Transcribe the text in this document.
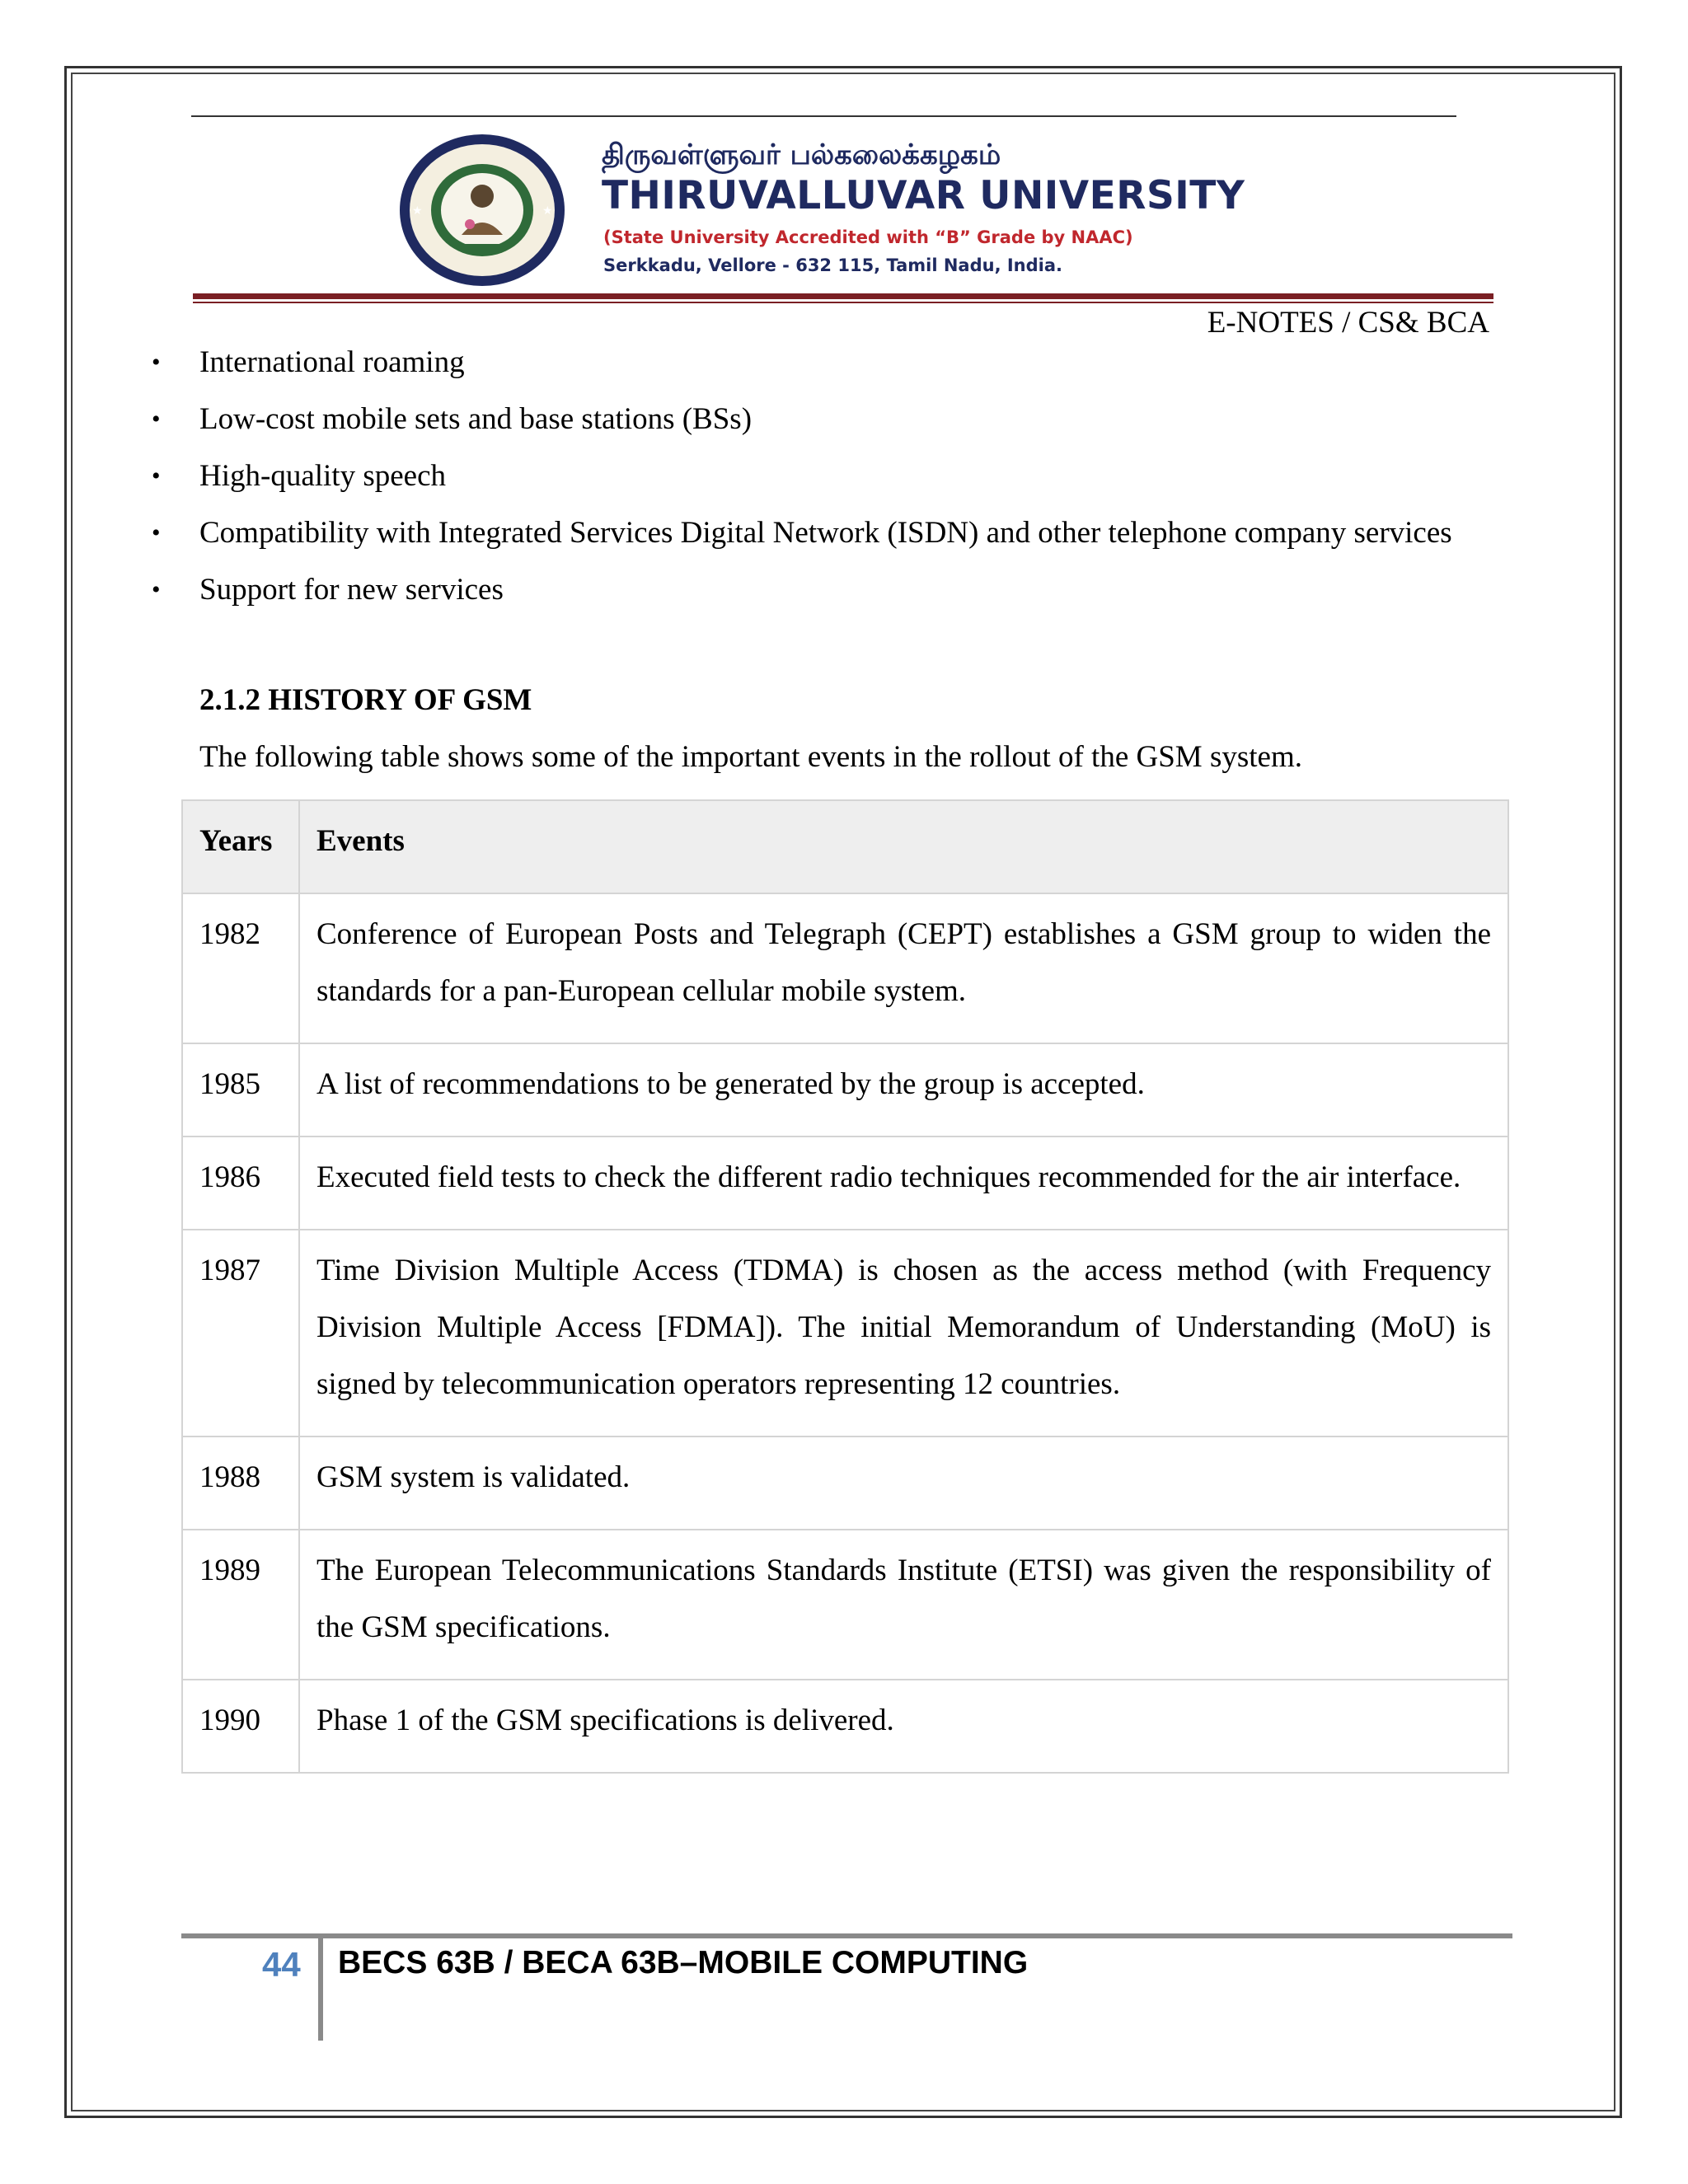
★	★
திருவள்ளுவர் பல்கலைக்கழகம்
THIRUVALLUVAR UNIVERSITY
(State University Accredited with “B” Grade by NAAC)
Serkkadu, Vellore - 632 115, Tamil Nadu, India.
E-NOTES / CS& BCA
• International roaming
• Low-cost mobile sets and base stations (BSs)
• High-quality speech
• Compatibility with Integrated Services Digital Network (ISDN) and other telephone company services
• Support for new services
2.1.2 HISTORY OF GSM
The following table shows some of the important events in the rollout of the GSM system.
Years	Events
1982	Conference of European Posts and Telegraph (CEPT) establishes a GSM group to widen the standards for a pan-European cellular mobile system.
1985	A list of recommendations to be generated by the group is accepted.
1986	Executed field tests to check the different radio techniques recommended for the air interface.
1987	Time Division Multiple Access (TDMA) is chosen as the access method (with Frequency Division Multiple Access [FDMA]). The initial Memorandum of Understanding (MoU) is signed by telecommunication operators representing 12 countries.
1988	GSM system is validated.
1989	The European Telecommunications Standards Institute (ETSI) was given the responsibility of the GSM specifications.
1990	Phase 1 of the GSM specifications is delivered.
44 BECS 63B / BECA 63B–MOBILE COMPUTING
